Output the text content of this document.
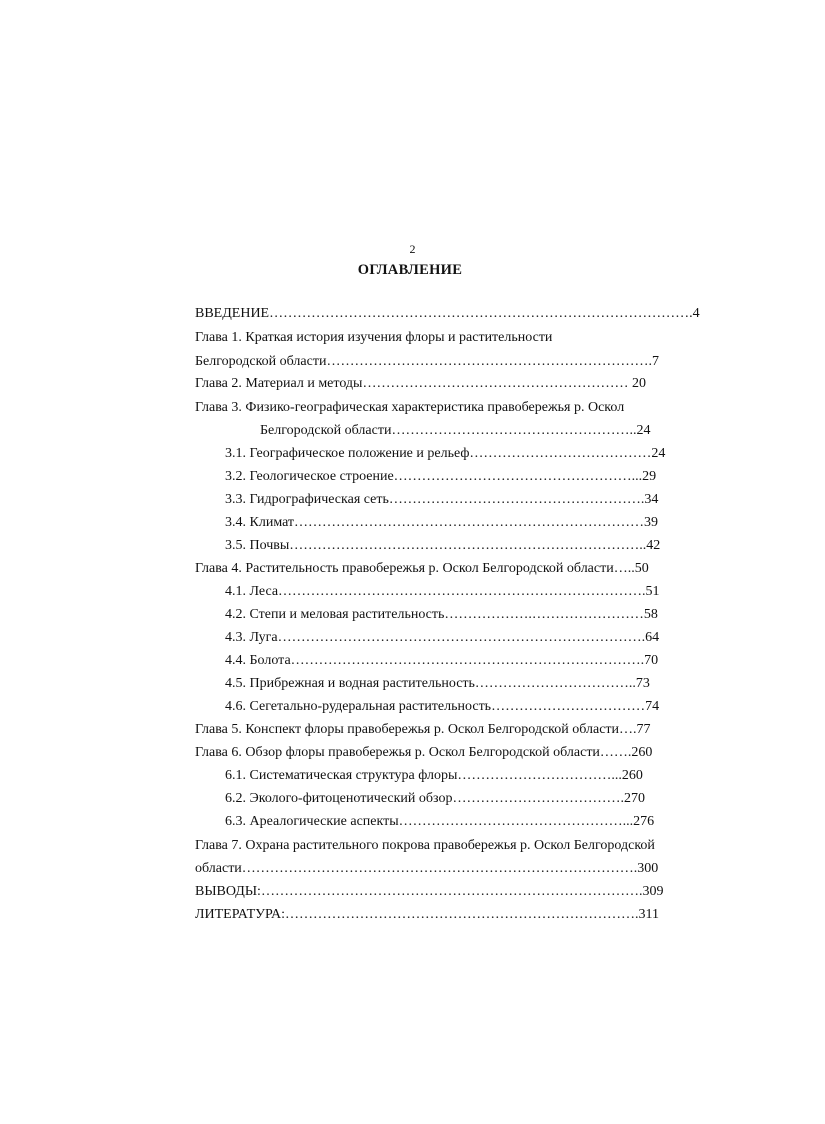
2
ОГЛАВЛЕНИЕ
ВВЕДЕНИЕ……………………………………………………………………………….4
Глава 1. Краткая история изучения флоры и растительности
Белгородской области…………………………………………………………….7
Глава 2. Материал и методы………………………………………………… 20
Глава 3. Физико-географическая характеристика правобережья р. Оскол
Белгородской области……………………………………………..24
3.1. Географическое положение и рельеф…………………………………24
3.2. Геологическое строение……………………………………………...29
3.3. Гидрографическая сеть……………………………………………….34
3.4. Климат…………………………………………………………………39
3.5. Почвы…………………………………………………………………..42
Глава 4. Растительность правобережья р. Оскол Белгородской области…..50
4.1. Леса…………………………………………………………………….51
4.2. Степи и меловая растительность……………….……………………58
4.3. Луга…………………………………………………………………….64
4.4. Болота………………………………………………………………….70
4.5. Прибрежная и водная растительность……………………………..73
4.6. Сегетально-рудеральная растительность……………………………74
Глава 5. Конспект флоры правобережья р. Оскол Белгородской области….77
Глава 6. Обзор флоры правобережья р. Оскол Белгородской области…….260
6.1. Систематическая структура флоры……………………………...260
6.2. Эколого-фитоценотический обзор……………………………….270
6.3. Ареалогические аспекты…………………………………………...276
Глава 7. Охрана растительного покрова правобережья р. Оскол Белгородской
области………………………………………………………………………….300
ВЫВОДЫ:……………………………………………………………………….309
ЛИТЕРАТУРА:………………………………………………………………….311
